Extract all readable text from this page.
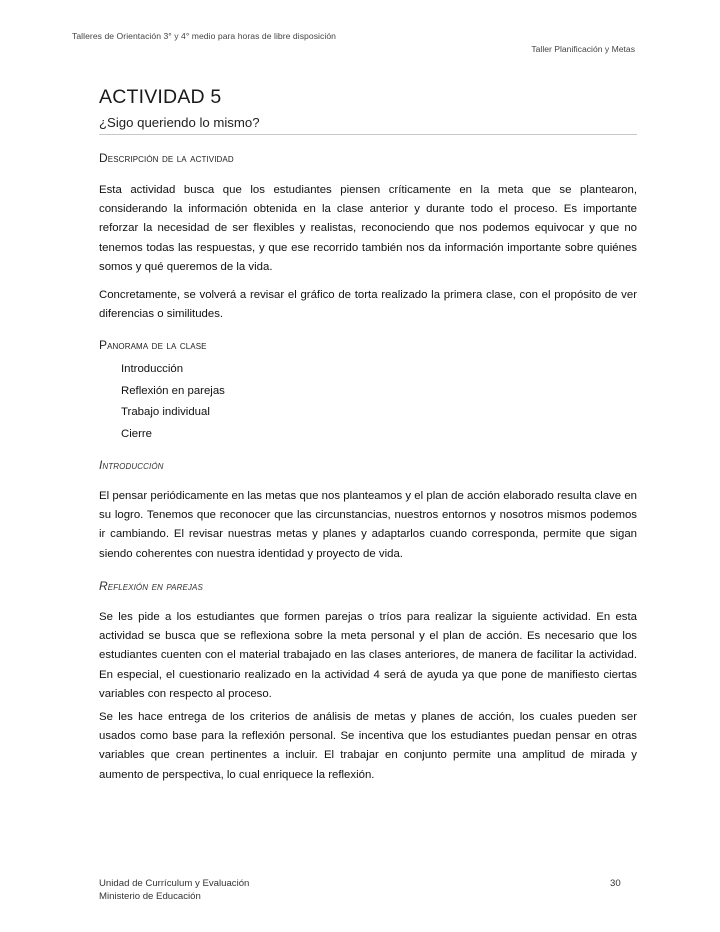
Talleres de Orientación 3° y 4° medio para horas de libre disposición
Taller Planificación y Metas
ACTIVIDAD 5
¿Sigo queriendo lo mismo?
Descripción de la actividad

Esta actividad busca que los estudiantes piensen críticamente en la meta que se plantearon, considerando la información obtenida en la clase anterior y durante todo el proceso. Es importante reforzar la necesidad de ser flexibles y realistas, reconociendo que nos podemos equivocar y que no tenemos todas las respuestas, y que ese recorrido también nos da información importante sobre quiénes somos y qué queremos de la vida.

Concretamente, se volverá a revisar el gráfico de torta realizado la primera clase, con el propósito de ver diferencias o similitudes.

Panorama de la clase
Introducción
Reflexión en parejas
Trabajo individual
Cierre
Introducción

El pensar periódicamente en las metas que nos planteamos y el plan de acción elaborado resulta clave en su logro. Tenemos que reconocer que las circunstancias, nuestros entornos y nosotros mismos podemos ir cambiando. El revisar nuestras metas y planes y adaptarlos cuando corresponda, permite que sigan siendo coherentes con nuestra identidad y proyecto de vida.

Reflexión en parejas

Se les pide a los estudiantes que formen parejas o tríos para realizar la siguiente actividad. En esta actividad se busca que se reflexiona sobre la meta personal y el plan de acción. Es necesario que los estudiantes cuenten con el material trabajado en las clases anteriores, de manera de facilitar la actividad. En especial, el cuestionario realizado en la actividad 4 será de ayuda ya que pone de manifiesto ciertas variables con respecto al proceso.

Se les hace entrega de los criterios de análisis de metas y planes de acción, los cuales pueden ser usados como base para la reflexión personal. Se incentiva que los estudiantes puedan pensar en otras variables que crean pertinentes a incluir. El trabajar en conjunto permite una amplitud de mirada y aumento de perspectiva, lo cual enriquece la reflexión.

Unidad de Currículum y Evaluación
Ministerio de Educación
30
